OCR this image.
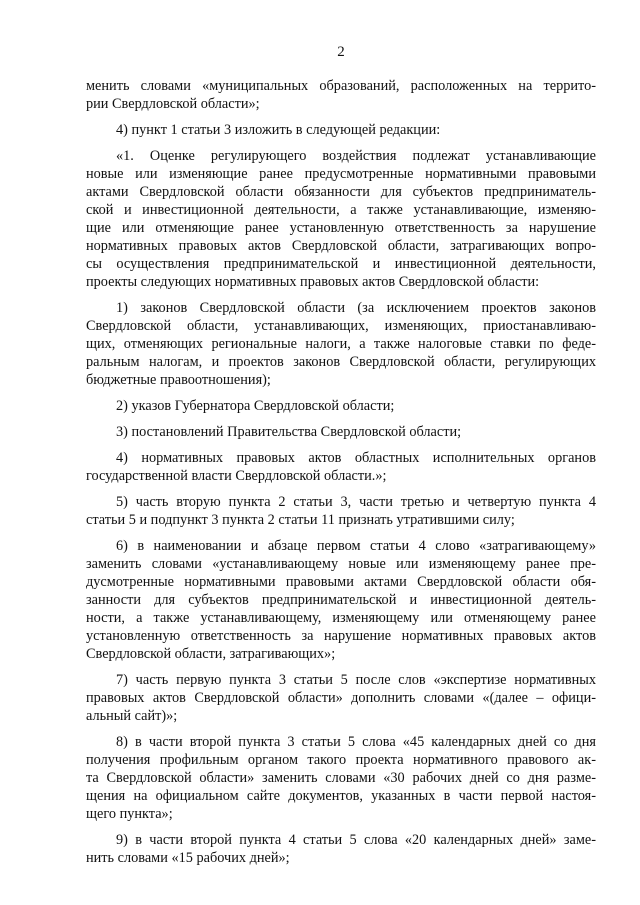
2
менить словами «муниципальных образований, расположенных на террито-
рии Свердловской области»;
4) пункт 1 статьи 3 изложить в следующей редакции:
«1. Оценке регулирующего воздействия подлежат устанавливающие
новые или изменяющие ранее предусмотренные нормативными правовыми
актами Свердловской области обязанности для субъектов предприниматель-
ской и инвестиционной деятельности, а также устанавливающие, изменяю-
щие или отменяющие ранее установленную ответственность за нарушение
нормативных правовых актов Свердловской области, затрагивающих вопро-
сы осуществления предпринимательской и инвестиционной деятельности,
проекты следующих нормативных правовых актов Свердловской области:
1) законов Свердловской области (за исключением проектов законов
Свердловской области, устанавливающих, изменяющих, приостанавливаю-
щих, отменяющих региональные налоги, а также налоговые ставки по феде-
ральным налогам, и проектов законов Свердловской области, регулирующих
бюджетные правоотношения);
2) указов Губернатора Свердловской области;
3) постановлений Правительства Свердловской области;
4) нормативных правовых актов областных исполнительных органов
государственной власти Свердловской области.»;
5) часть вторую пункта 2 статьи 3, части третью и четвертую пункта 4
статьи 5 и подпункт 3 пункта 2 статьи 11 признать утратившими силу;
6) в наименовании и абзаце первом статьи 4 слово «затрагивающему»
заменить словами «устанавливающему новые или изменяющему ранее пре-
дусмотренные нормативными правовыми актами Свердловской области обя-
занности для субъектов предпринимательской и инвестиционной деятель-
ности, а также устанавливающему, изменяющему или отменяющему ранее
установленную ответственность за нарушение нормативных правовых актов
Свердловской области, затрагивающих»;
7) часть первую пункта 3 статьи 5 после слов «экспертизе нормативных
правовых актов Свердловской области» дополнить словами «(далее – офици-
альный сайт)»;
8) в части второй пункта 3 статьи 5 слова «45 календарных дней со дня
получения профильным органом такого проекта нормативного правового ак-
та Свердловской области» заменить словами «30 рабочих дней со дня разме-
щения на официальном сайте документов, указанных в части первой настоя-
щего пункта»;
9) в части второй пункта 4 статьи 5 слова «20 календарных дней» заме-
нить словами «15 рабочих дней»;
